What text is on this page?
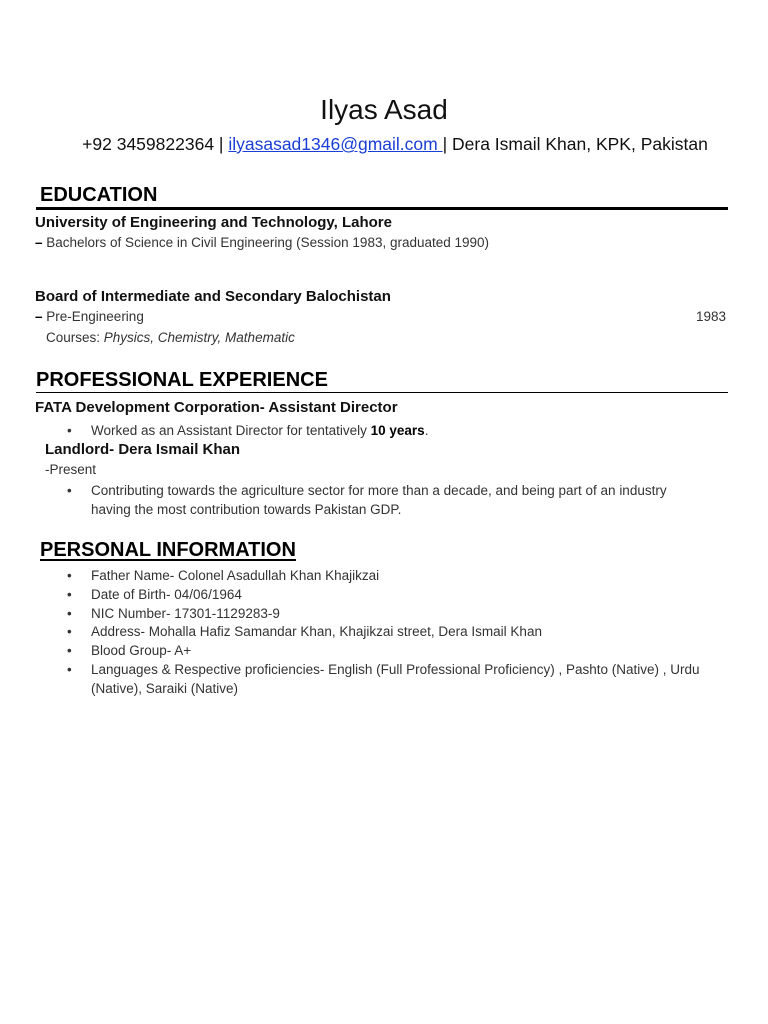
Ilyas Asad
+92 3459822364 | ilyasasad1346@gmail.com | Dera Ismail Khan, KPK, Pakistan
EDUCATION
University of Engineering and Technology, Lahore
– Bachelors of Science in Civil Engineering (Session 1983, graduated 1990)
Board of Intermediate and Secondary Balochistan
– Pre-Engineering	1983
Courses: Physics, Chemistry, Mathematic
PROFESSIONAL EXPERIENCE
FATA Development Corporation- Assistant Director
• Worked as an Assistant Director for tentatively 10 years.
Landlord- Dera Ismail Khan
-Present
• Contributing towards the agriculture sector for more than a decade, and being part of an industry having the most contribution towards Pakistan GDP.
PERSONAL INFORMATION
• Father Name- Colonel Asadullah Khan Khajikzai
• Date of Birth- 04/06/1964
• NIC Number- 17301-1129283-9
• Address- Mohalla Hafiz Samandar Khan, Khajikzai street, Dera Ismail Khan
• Blood Group- A+
• Languages & Respective proficiencies- English (Full Professional Proficiency) , Pashto (Native) , Urdu (Native), Saraiki (Native)
